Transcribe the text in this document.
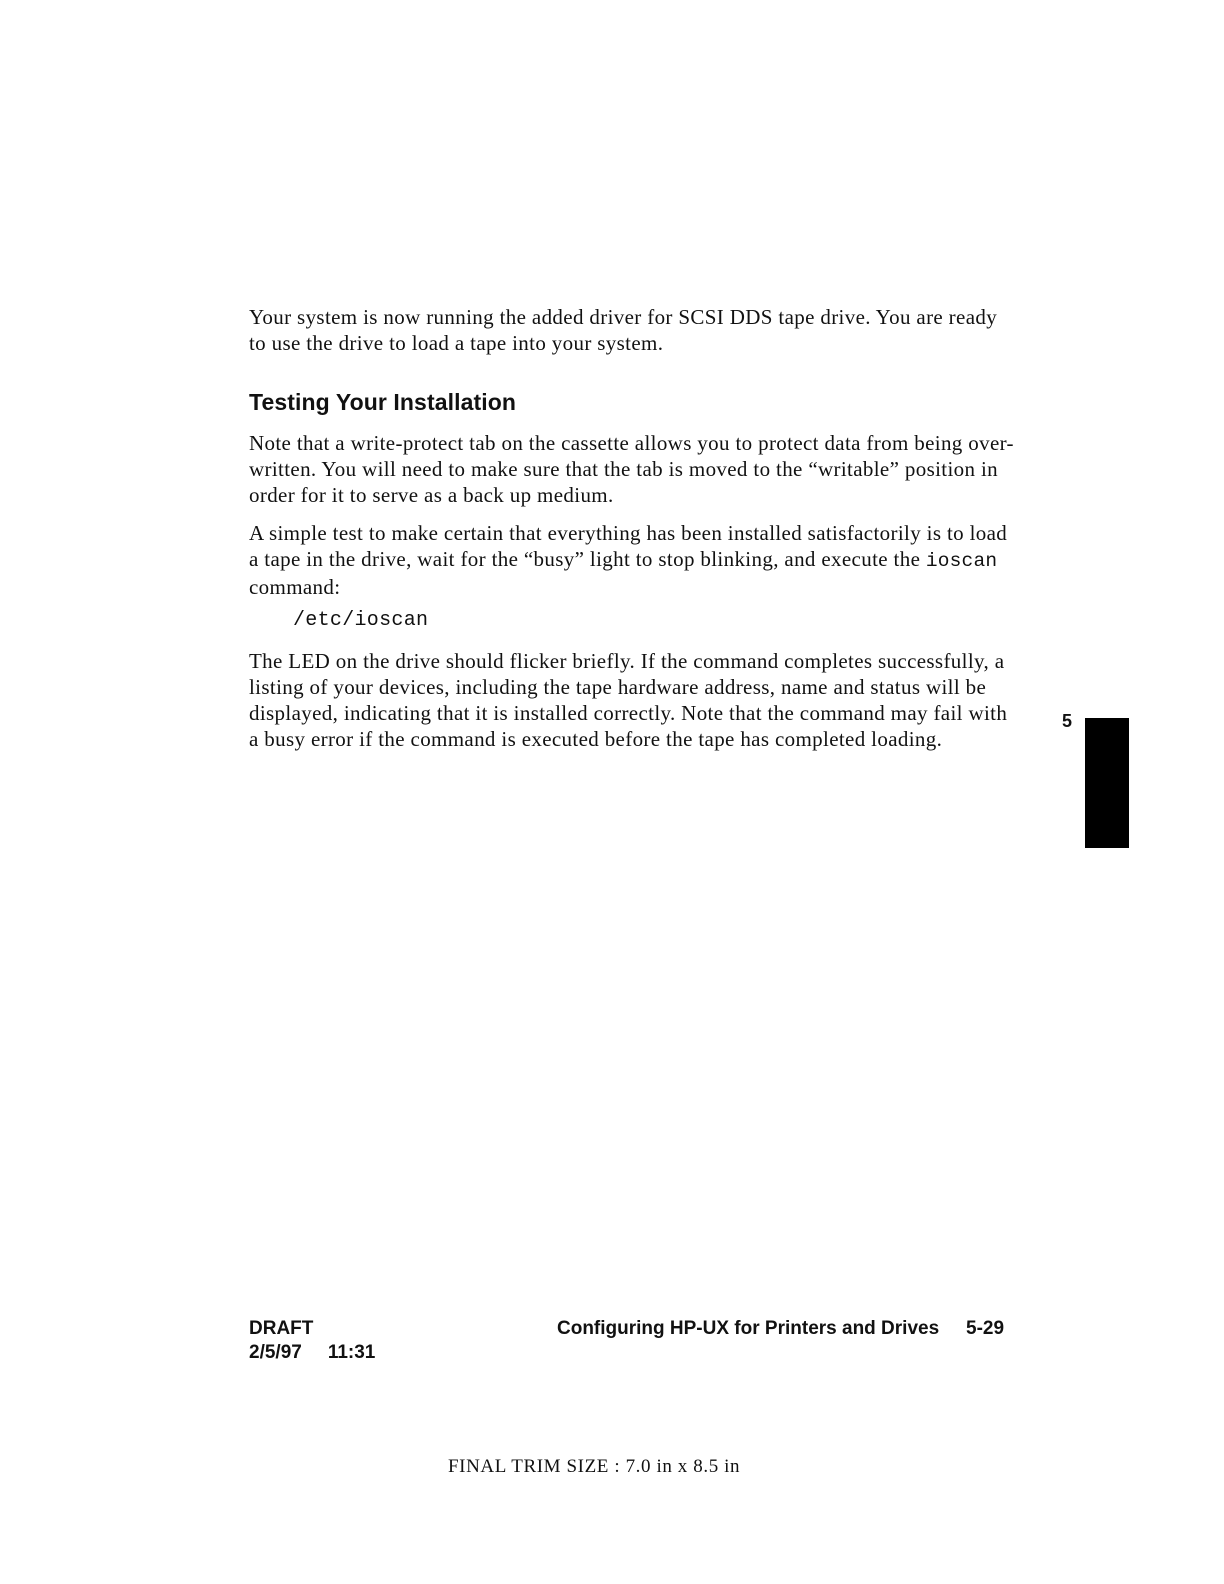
Your system is now running the added driver for SCSI DDS tape drive. You are ready to use the drive to load a tape into your system.

Testing Your Installation

Note that a write-protect tab on the cassette allows you to protect data from being over-written. You will need to make sure that the tab is moved to the “writable” position in order for it to serve as a back up medium.

A simple test to make certain that everything has been installed satisfactorily is to load a tape in the drive, wait for the “busy” light to stop blinking, and execute the ioscan command:

/etc/ioscan

The LED on the drive should flicker briefly. If the command completes successfully, a listing of your devices, including the tape hardware address, name and status will be displayed, indicating that it is installed correctly. Note that the command may fail with a busy error if the command is executed before the tape has completed loading.

5

DRAFT

2/5/97 11:31

Configuring HP-UX for Printers and Drives 5-29

FINAL TRIM SIZE : 7.0 in x 8.5 in
